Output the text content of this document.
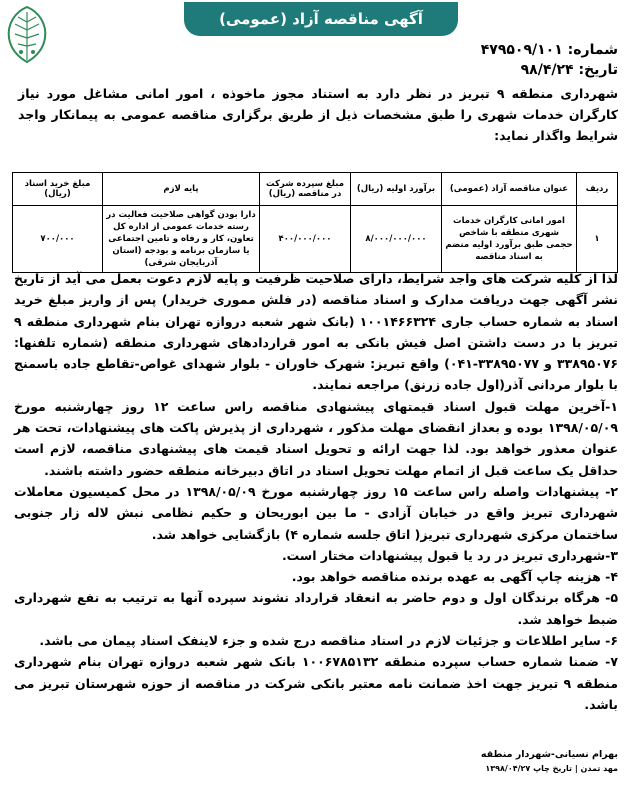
آگهی مناقصه آزاد (عمومی)
شماره: ۴۷۹۵۰۹/۱۰۱
تاریخ: ۹۸/۴/۲۴
شهرداری منطقه ۹ تبریز در نظر دارد به استناد مجوز ماخوذه ، امور امانی مشاغل مورد نیاز کارگران خدمات شهری را طبق مشخصات ذیل از طریق برگزاری مناقصه عمومی به پیمانکار واجد شرایط واگذار نماید:
ردیف	عنوان مناقصه آزاد (عمومی)	برآورد اولیه (ریال)	مبلغ سپرده شرکت در مناقصه (ریال)	پایه لازم	مبلغ خرید اسناد (ریال)
۱	امور امانی کارگران خدمات شهری منطقه با شاخص حجمی طبق برآورد اولیه منضم به اسناد مناقصه	۸/۰۰۰/۰۰۰/۰۰۰	۴۰۰/۰۰۰/۰۰۰	دارا بودن گواهی صلاحیت فعالیت در رسته خدمات عمومی از اداره کل تعاون، کار و رفاه و تامین اجتماعی یا سازمان برنامه و بودجه (استان آذربایجان شرقی)	۷۰۰/۰۰۰

لذا از کلیه شرکت های واجد شرایط، دارای صلاحیت ظرفیت و پایه لازم دعوت بعمل می آید از تاریخ نشر آگهی جهت دریافت مدارک و اسناد مناقصه (در فلش مموری خریدار) پس از واریز مبلغ خرید اسناد به شماره حساب جاری ۱۰۰۱۴۶۶۳۲۴ (بانک شهر شعبه دروازه تهران بنام شهرداری منطقه ۹ تبریز با در دست داشتن اصل فیش بانکی به امور قراردادهای شهرداری منطقه (شماره تلفنها: ۳۳۸۹۵۰۷۶ و ۳۳۸۹۵۰۷۷-۰۴۱) واقع تبریز: شهرک خاوران - بلوار شهدای غواص-تقاطع جاده باسمنج با بلوار مردانی آذر(اول جاده زرنق) مراجعه نمایند.

۱-آخرین مهلت قبول اسناد قیمتهای پیشنهادی مناقصه راس ساعت ۱۲ روز چهارشنبه مورخ ۱۳۹۸/۰۵/۰۹ بوده و بعداز انقضای مهلت مذکور ، شهرداری از پذیرش پاکت های پیشنهادات، تحت هر عنوان معذور خواهد بود. لذا جهت ارائه و تحویل اسناد قیمت های پیشنهادی مناقصه، لازم است حداقل یک ساعت قبل از اتمام مهلت تحویل اسناد در اتاق دبیرخانه منطقه حضور داشته باشند.

۲- پیشنهادات واصله راس ساعت ۱۵ روز چهارشنبه مورخ ۱۳۹۸/۰۵/۰۹ در محل کمیسیون معاملات شهرداری تبریز واقع در خیابان آزادی - ما بین ابوریحان و حکیم نظامی نبش لاله زار جنوبی ساختمان مرکزی شهرداری تبریز( اتاق جلسه شماره ۴) بازگشایی خواهد شد.

۳-شهرداری تبریز در رد یا قبول پیشنهادات مختار است.

۴- هزینه چاپ آگهی به عهده برنده مناقصه خواهد بود.

۵- هرگاه برندگان اول و دوم حاضر به انعقاد قرارداد نشوند سپرده آنها به ترتیب به نفع شهرداری ضبط خواهد شد.

۶- سایر اطلاعات و جزئیات لازم در اسناد مناقصه درج شده و جزء لاینفک اسناد پیمان می باشد.

۷- ضمنا شماره حساب سپرده منطقه ۱۰۰۶۷۸۵۱۳۲ بانک شهر شعبه دروازه تهران بنام شهرداری منطقه ۹ تبریز جهت اخذ ضمانت نامه معتبر بانکی شرکت در مناقصه از حوزه شهرستان تبریز می باشد.

بهرام نسیانی-شهردار منطقه
مهد تمدن | تاریخ چاپ ۱۳۹۸/۰۴/۲۷
